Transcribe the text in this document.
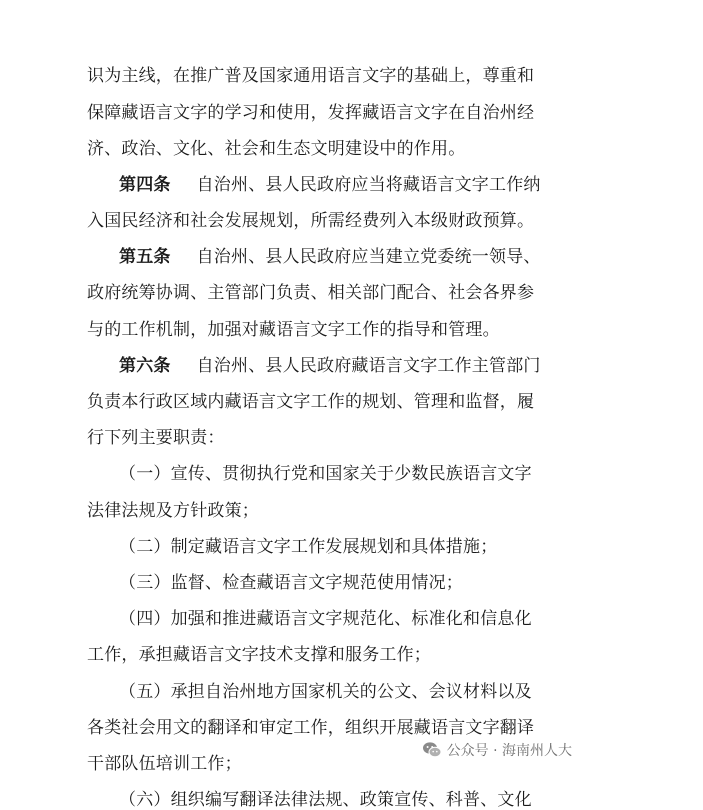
识为主线，在推广普及国家通用语言文字的基础上，尊重和
保障藏语言文字的学习和使用，发挥藏语言文字在自治州经
济、政治、文化、社会和生态文明建设中的作用。
第四条 自治州、县人民政府应当将藏语言文字工作纳
入国民经济和社会发展规划，所需经费列入本级财政预算。
第五条 自治州、县人民政府应当建立党委统一领导、
政府统筹协调、主管部门负责、相关部门配合、社会各界参
与的工作机制，加强对藏语言文字工作的指导和管理。
第六条 自治州、县人民政府藏语言文字工作主管部门
负责本行政区域内藏语言文字工作的规划、管理和监督，履
行下列主要职责：
（一）宣传、贯彻执行党和国家关于少数民族语言文字
法律法规及方针政策；
（二）制定藏语言文字工作发展规划和具体措施；
（三）监督、检查藏语言文字规范使用情况；
（四）加强和推进藏语言文字规范化、标准化和信息化
工作，承担藏语言文字技术支撑和服务工作；
（五）承担自治州地方国家机关的公文、会议材料以及
各类社会用文的翻译和审定工作，组织开展藏语言文字翻译
干部队伍培训工作；
（六）组织编写翻译法律法规、政策宣传、科普、文化
公众号 · 海南州人大
